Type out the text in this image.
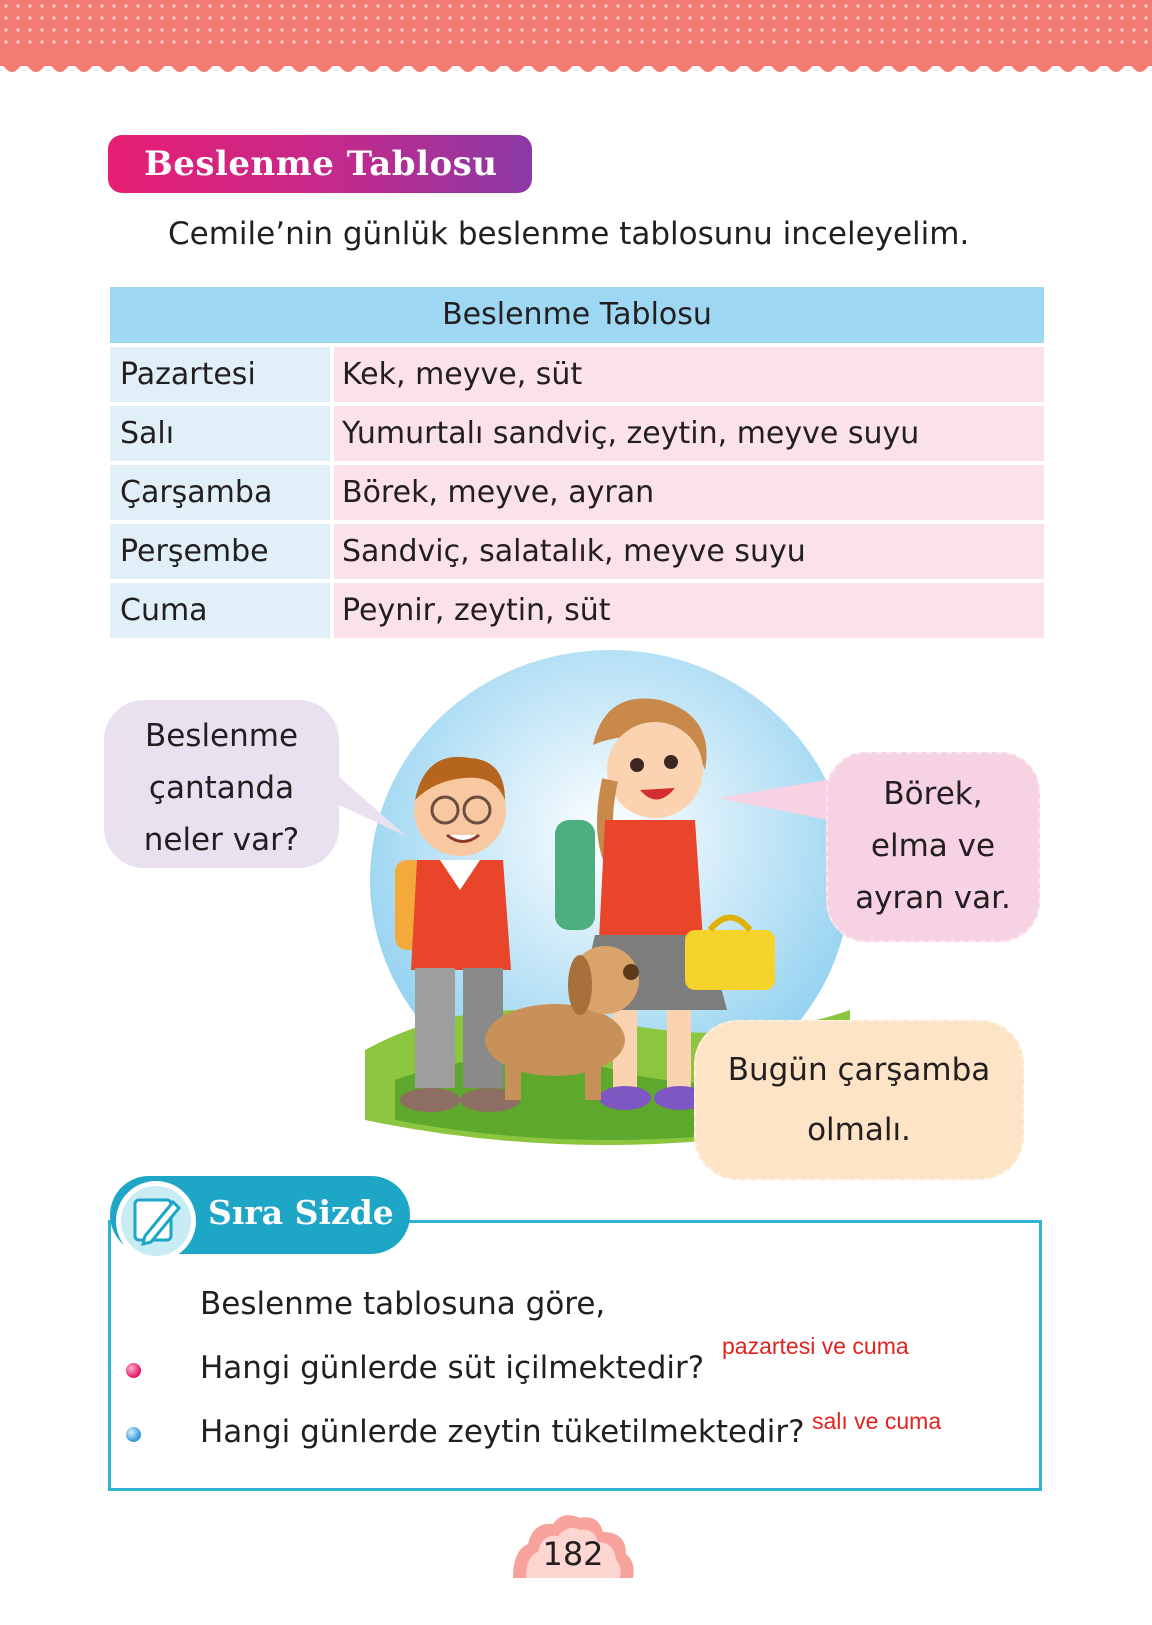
Beslenme Tablosu
Cemile’nin günlük beslenme tablosunu inceleyelim.
Beslenme Tablosu
Pazartesi	Kek, meyve, süt
Salı	Yumurtalı sandviç, zeytin, meyve suyu
Çarşamba	Börek, meyve, ayran
Perşembe	Sandviç, salatalık, meyve suyu
Cuma	Peynir, zeytin, süt
Beslenme
çantanda
neler var?
Börek,
elma ve
ayran var.
Bugün çarşamba
olmalı.
Sıra Sizde
Beslenme tablosuna göre,
Hangi günlerde süt içilmektedir?
pazartesi ve cuma
Hangi günlerde zeytin tüketilmektedir? salı ve cuma
182
